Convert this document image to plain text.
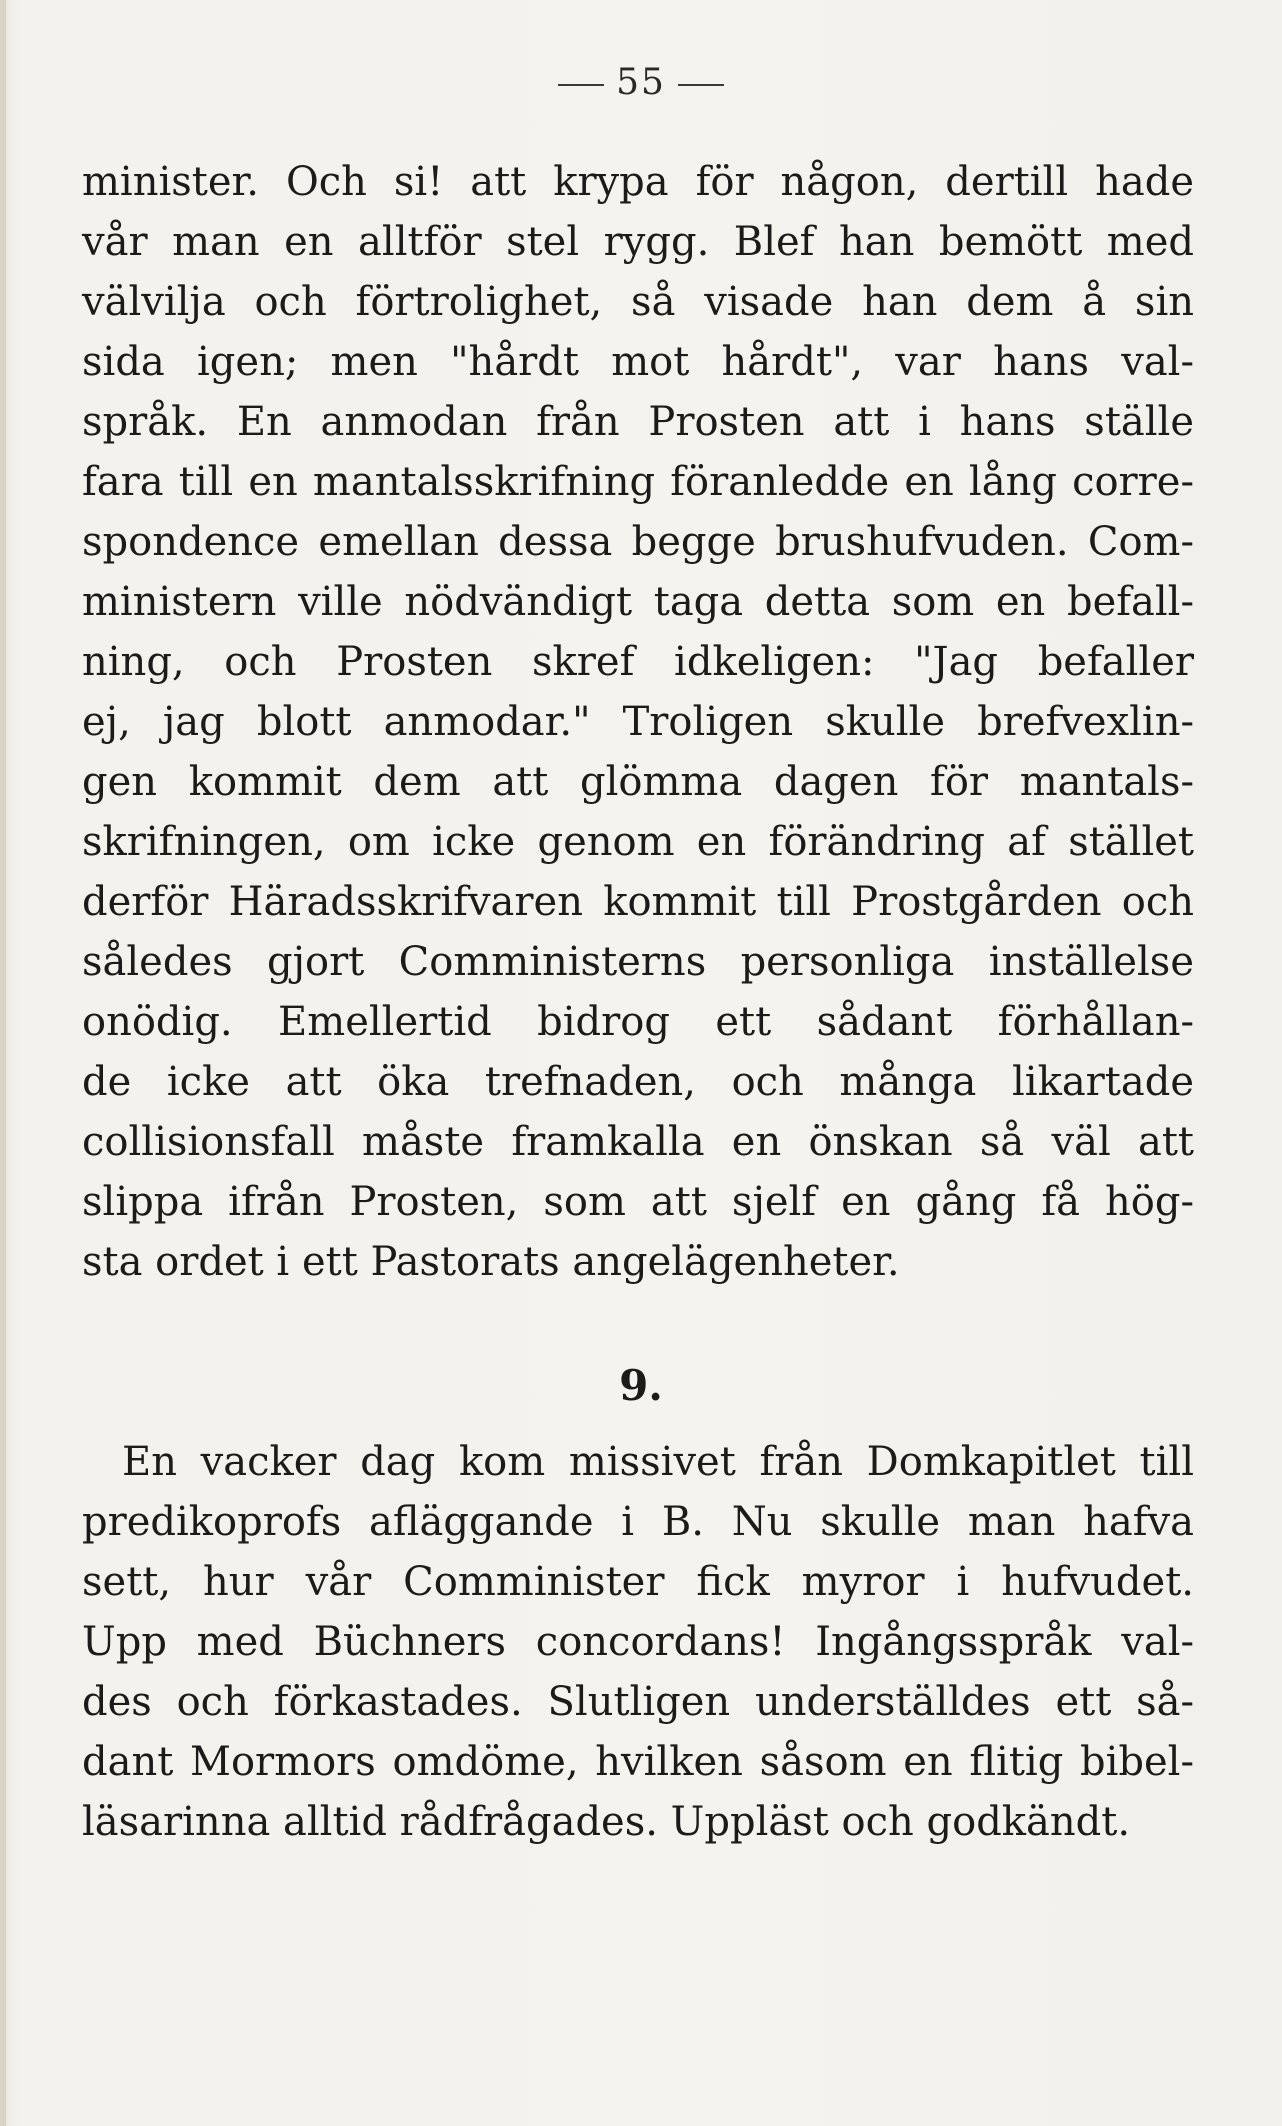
55
minister. Och si! att krypa för någon, dertill hade
vår man en alltför stel rygg. Blef han bemött med
välvilja och förtrolighet, så visade han dem å sin
sida igen; men "hårdt mot hårdt", var hans val-
språk. En anmodan från Prosten att i hans ställe
fara till en mantalsskrifning föranledde en lång corre-
spondence emellan dessa begge brushufvuden. Com-
ministern ville nödvändigt taga detta som en befall-
ning, och Prosten skref idkeligen: "Jag befaller
ej, jag blott anmodar." Troligen skulle brefvexlin-
gen kommit dem att glömma dagen för mantals-
skrifningen, om icke genom en förändring af stället
derför Häradsskrifvaren kommit till Prostgården och
således gjort Comministerns personliga inställelse
onödig. Emellertid bidrog ett sådant förhållan-
de icke att öka trefnaden, och många likartade
collisionsfall måste framkalla en önskan så väl att
slippa ifrån Prosten, som att sjelf en gång få hög-
sta ordet i ett Pastorats angelägenheter.
9.
En vacker dag kom missivet från Domkapitlet till
predikoprofs afläggande i B. Nu skulle man hafva
sett, hur vår Comminister fick myror i hufvudet.
Upp med Büchners concordans! Ingångsspråk val-
des och förkastades. Slutligen underställdes ett så-
dant Mormors omdöme, hvilken såsom en flitig bibel-
läsarinna alltid rådfrågades. Uppläst och godkändt.
